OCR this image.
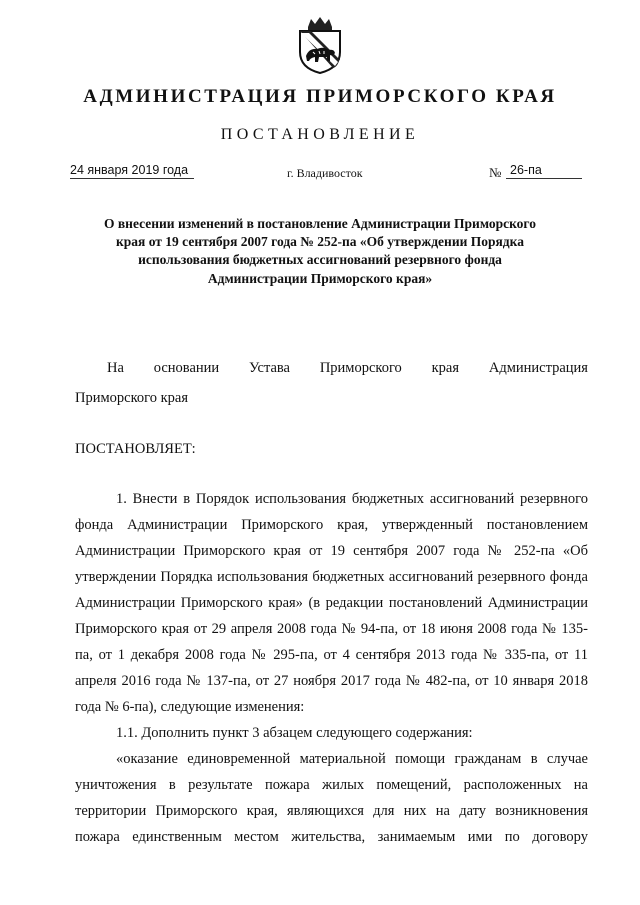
АДМИНИСТРАЦИЯ ПРИМОРСКОГО КРАЯ
ПОСТАНОВЛЕНИЕ
24 января 2019 года	г. Владивосток	№ 26-па
О внесении изменений в постановление Администрации Приморского края от 19 сентября 2007 года № 252-па «Об утверждении Порядка использования бюджетных ассигнований резервного фонда Администрации Приморского края»
На основании Устава Приморского края Администрация
Приморского края
ПОСТАНОВЛЯЕТ:

1. Внести в Порядок использования бюджетных ассигнований резервного фонда Администрации Приморского края, утвержденный постановлением Администрации Приморского края от 19 сентября 2007 года № 252-па «Об утверждении Порядка использования бюджетных ассигнований резервного фонда Администрации Приморского края» (в редакции постановлений Администрации Приморского края от 29 апреля 2008 года № 94-па, от 18 июня 2008 года № 135-па, от 1 декабря 2008 года № 295-па, от 4 сентября 2013 года № 335-па, от 11 апреля 2016 года № 137-па, от 27 ноября 2017 года № 482-па, от 10 января 2018 года № 6-па), следующие изменения:

1.1. Дополнить пункт 3 абзацем следующего содержания:

«оказание единовременной материальной помощи гражданам в случае уничтожения в результате пожара жилых помещений, расположенных на территории Приморского края, являющихся для них на дату возникновения пожара единственным местом жительства, занимаемым ими по договору
